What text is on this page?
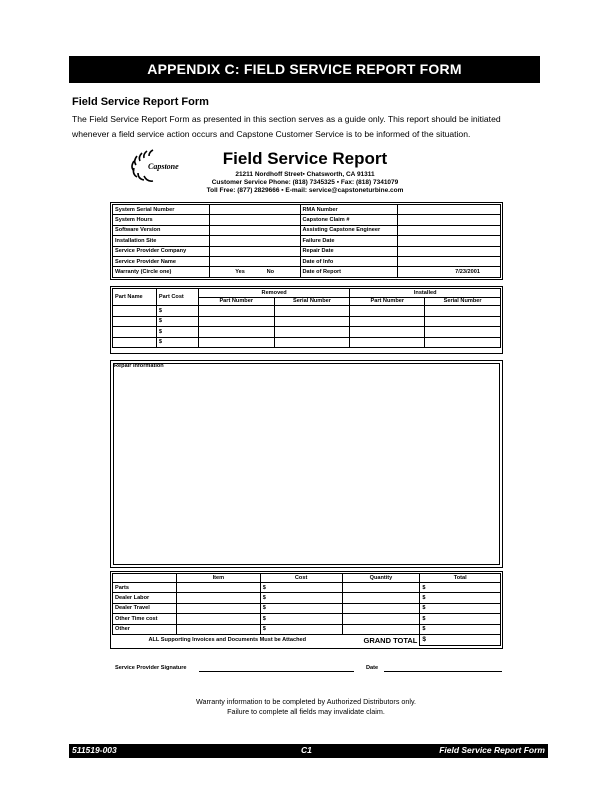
APPENDIX C: FIELD SERVICE REPORT FORM
Field Service Report Form
The Field Service Report Form as presented in this section serves as a guide only. This report should be initiated whenever a field service action occurs and Capstone Customer Service is to be informed of the situation.
Capstone	Field Service Report
21211 Nordhoff Street▪ Chatsworth, CA 91311
Customer Service Phone: (818) 7345325 ▪ Fax: (818) 7341079
Toll Free: (877) 2829666 ▪ E-mail: service@capstoneturbine.com
System Serial Number		RMA Number	
System Hours		Capstone Claim #	
Software Version		Assisting Capstone Engineer	
Installation Site		Failure Date	
Service Provider Company		Repair Date	
Service Provider Name		Date of Info	
Warranty (Circle one)	Yes No	Date of Report	7/23/2001
Part Name	Part Cost	Removed		Installed	
		Part Number	Serial Number	Part Number	Serial Number
	$				
	$				
	$				
	$				
Repair Information
	Item	Cost	Quantity	Total
Parts		$		$
Dealer Labor		$		$
Dealer Travel		$		$
Other Time cost		$		$
Other		$		$
ALL Supporting Invoices and Documents Must be Attached			GRAND TOTAL	$
Service Provider Signature	Date
Warranty information to be completed by Authorized Distributors only.
Failure to complete all fields may invalidate claim.
511519-003	C1	Field Service Report Form
